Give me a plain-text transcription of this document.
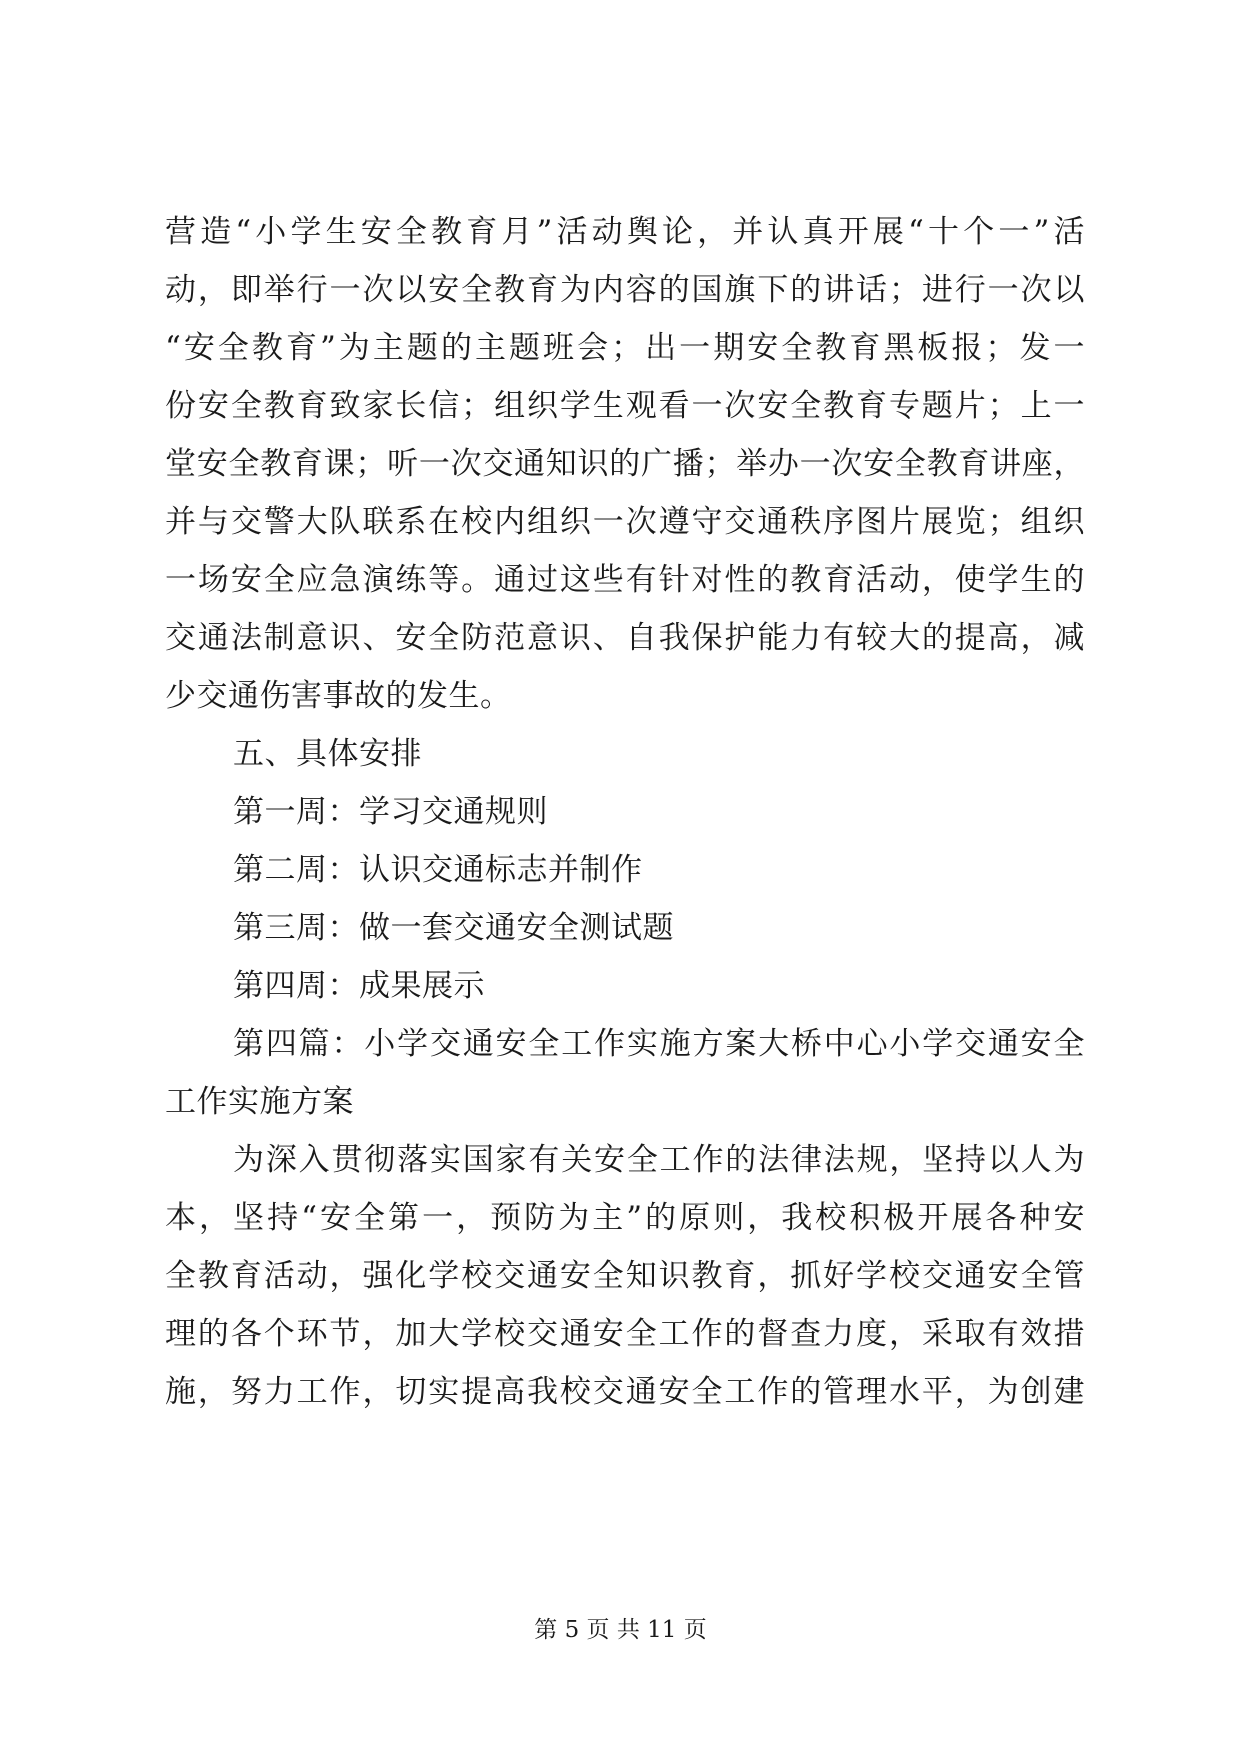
营造“小学生安全教育月”活动舆论，并认真开展“十个一”活
动，即举行一次以安全教育为内容的国旗下的讲话；进行一次以
“安全教育”为主题的主题班会；出一期安全教育黑板报；发一
份安全教育致家长信；组织学生观看一次安全教育专题片；上一
堂安全教育课；听一次交通知识的广播；举办一次安全教育讲座，
并与交警大队联系在校内组织一次遵守交通秩序图片展览；组织
一场安全应急演练等。通过这些有针对性的教育活动，使学生的
交通法制意识、安全防范意识、自我保护能力有较大的提高，减
少交通伤害事故的发生。
五、具体安排
第一周：学习交通规则
第二周：认识交通标志并制作
第三周：做一套交通安全测试题
第四周：成果展示
第四篇：小学交通安全工作实施方案大桥中心小学交通安全
工作实施方案
为深入贯彻落实国家有关安全工作的法律法规，坚持以人为
本，坚持“安全第一，预防为主”的原则，我校积极开展各种安
全教育活动，强化学校交通安全知识教育，抓好学校交通安全管
理的各个环节，加大学校交通安全工作的督查力度，采取有效措
施，努力工作，切实提高我校交通安全工作的管理水平，为创建
第 5 页 共 11 页
